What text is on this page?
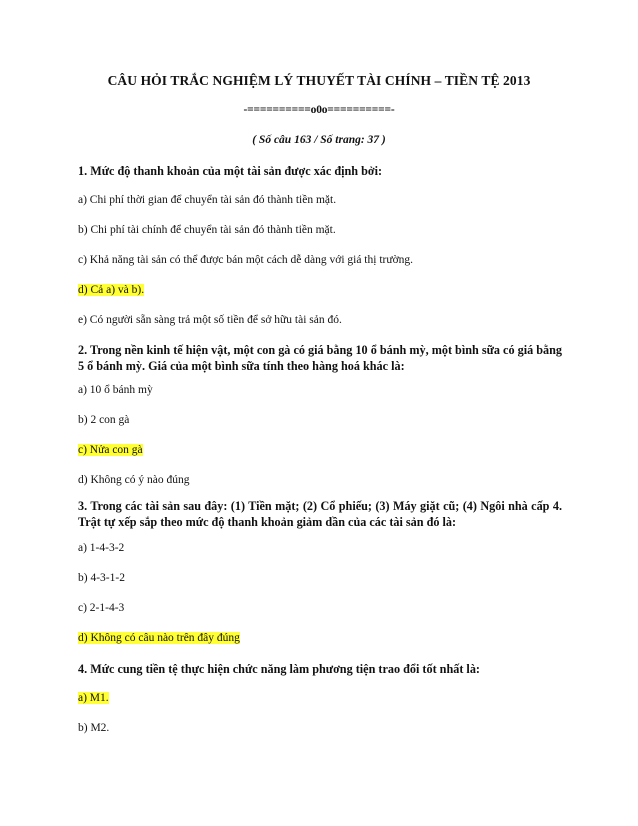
CÂU HỎI TRẮC NGHIỆM LÝ THUYẾT TÀI CHÍNH – TIỀN TỆ 2013
-==========o0o==========-
( Số câu 163 / Số trang: 37 )
1. Mức độ thanh khoản của một tài sản được xác định bởi:
a) Chi phí thời gian để chuyển tài sản đó thành tiền mặt.
b) Chi phí tài chính để chuyển tài sản đó thành tiền mặt.
c) Khả năng tài sản có thể được bán một cách dễ dàng với giá thị trường.
d) Cả a) và b).
e) Có người sẵn sàng trả một số tiền để sở hữu tài sản đó.
2. Trong nền kinh tế hiện vật, một con gà có giá bằng 10 ổ bánh mỳ, một bình sữa có giá bằng 5 ổ bánh mỳ. Giá của một bình sữa tính theo hàng hoá khác là:
a) 10 ổ bánh mỳ
b) 2 con gà
c) Nửa con gà
d) Không có ý nào đúng
3. Trong các tài sản sau đây: (1) Tiền mặt; (2) Cổ phiếu; (3) Máy giặt cũ; (4) Ngôi nhà cấp 4. Trật tự xếp sắp theo mức độ thanh khoản giảm dần của các tài sản đó là:
a) 1-4-3-2
b) 4-3-1-2
c) 2-1-4-3
d) Không có câu nào trên đây đúng
4. Mức cung tiền tệ thực hiện chức năng làm phương tiện trao đổi tốt nhất là:
a) M1.
b) M2.
